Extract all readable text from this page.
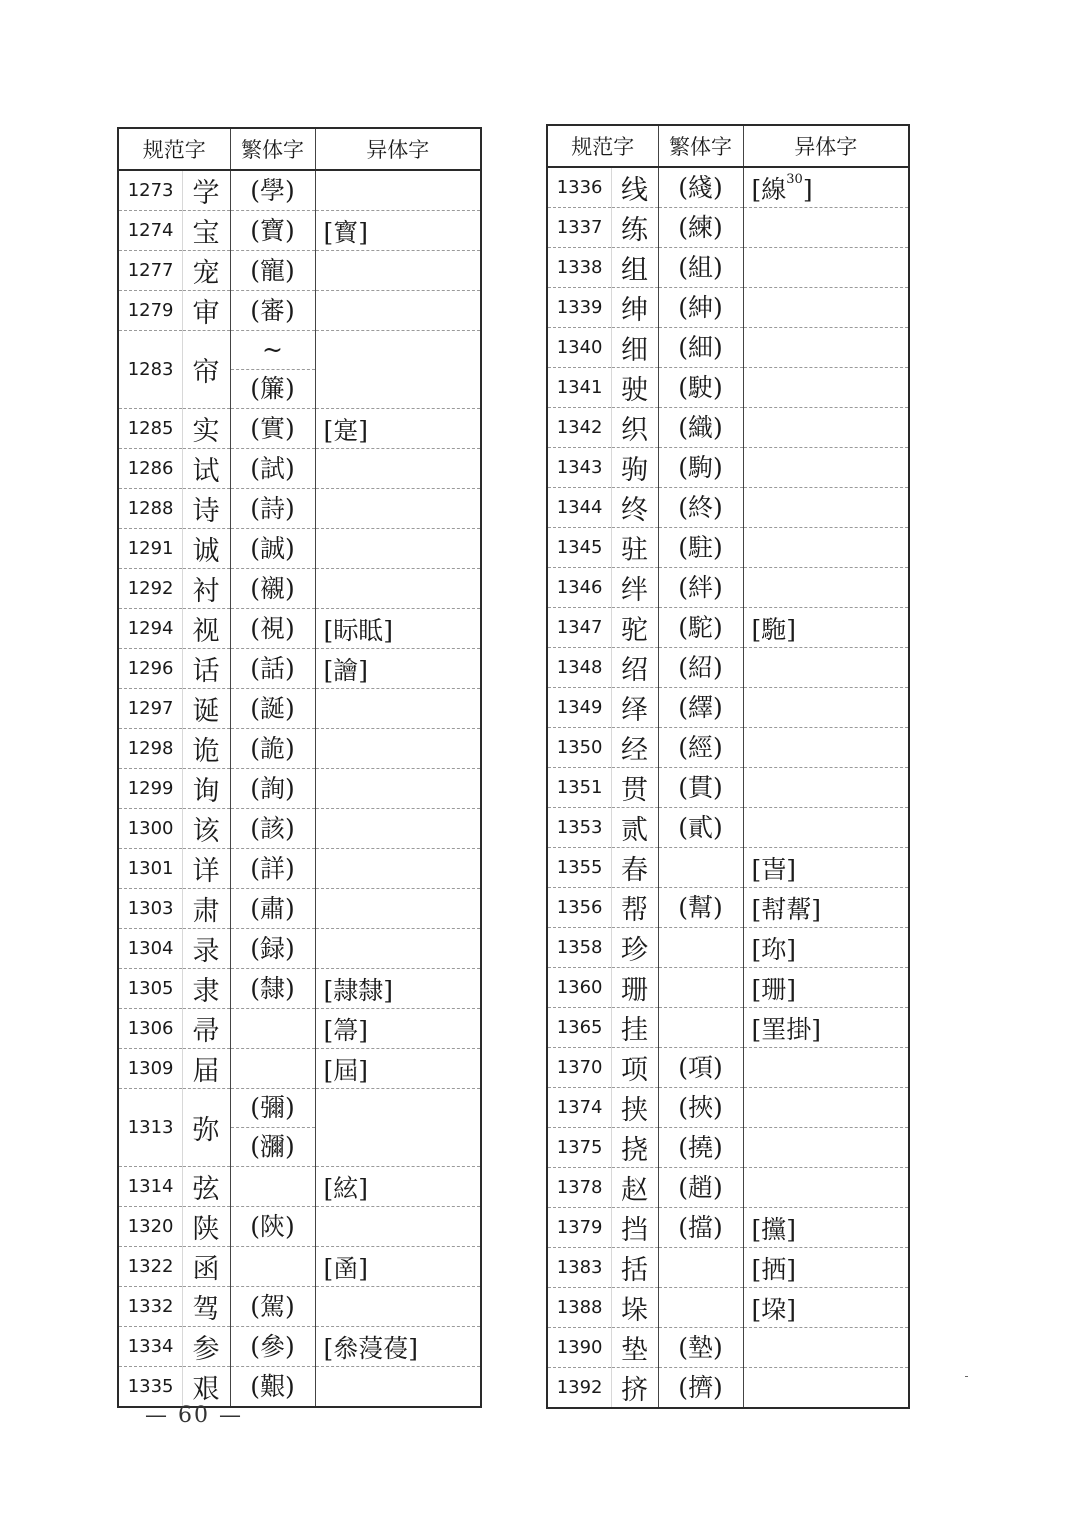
规范字		繁体字	异体字
1273	学	(學)	

1274	宝	(寶)	[寳]
1277	宠	(寵)	

1279	审	(審)	

1283	帘	~
(簾)	

1285	实	(實)	[寔]
1286	试	(試)	

1288	诗	(詩)	

1291	诚	(誠)	

1292	衬	(襯)	

1294	视	(視)	[眎眡]
1296	话	(話)	[譮]
1297	诞	(誕)	

1298	诡	(詭)	

1299	询	(詢)	

1300	该	(該)	

1301	详	(詳)	

1303	肃	(肅)	

1304	录	(録)	

1305	隶	(隸)	[隷隸]
1306	帚		[箒]
1309	届		[屆]
1313	弥	(彌)
(瀰)	

1314	弦		[絃]
1320	陕	(陝)	

1322	函		[圅]
1332	驾	(駕)	

1334	参	(參)	[叅蓡葠]
1335	艰	(艱)	

规范字		繁体字	异体字
1336	线	(綫)	[線$^{30}$]
1337	练	(練)	

1338	组	(組)	

1339	绅	(紳)	

1340	细	(細)	

1341	驶	(駛)	

1342	织	(織)	

1343	驹	(駒)	

1344	终	(終)	

1345	驻	(駐)	

1346	绊	(絆)	

1347	驼	(駝)	[駞]
1348	绍	(紹)	

1349	绎	(繹)	

1350	经	(經)	

1351	贯	(貫)	

1353	贰	(貳)	

1355	春		[旾]
1356	帮	(幫)	[幇幚]
1358	珍		[珎]
1360	珊		[珊]
1365	挂		[罣掛]
1370	项	(項)	

1374	挟	(挾)	

1375	挠	(撓)	

1378	赵	(趙)	

1379	挡	(擋)	[攩]
1383	括		[拪]
1388	垛		[垜]
1390	垫	(墊)	

1392	挤	(擠)	

— 60 —
